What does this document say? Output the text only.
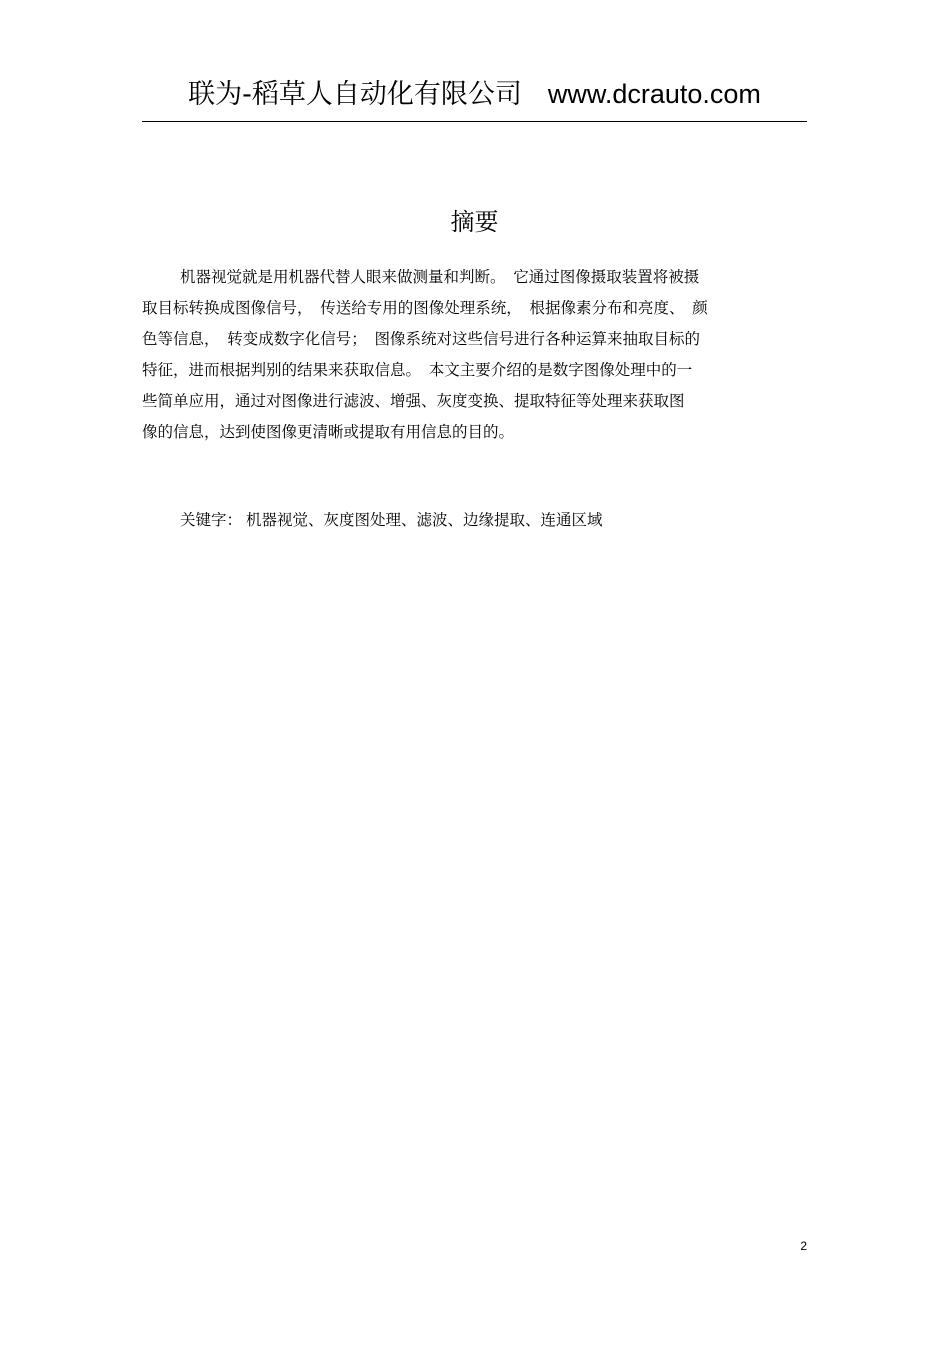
联为-稻草人自动化有限公司 www.dcrauto.com
摘要
机器视觉就是用机器代替人眼来做测量和判断。　它通过图像摄取装置将被摄
取目标转换成图像信号，　传送给专用的图像处理系统，　根据像素分布和亮度、　颜
色等信息，　转变成数字化信号；　图像系统对这些信号进行各种运算来抽取目标的
特征，进而根据判别的结果来获取信息。　本文主要介绍的是数字图像处理中的一
些简单应用，通过对图像进行滤波、增强、灰度变换、提取特征等处理来获取图
像的信息，达到使图像更清晰或提取有用信息的目的。
关键字： 机器视觉、灰度图处理、滤波、边缘提取、连通区域
2
